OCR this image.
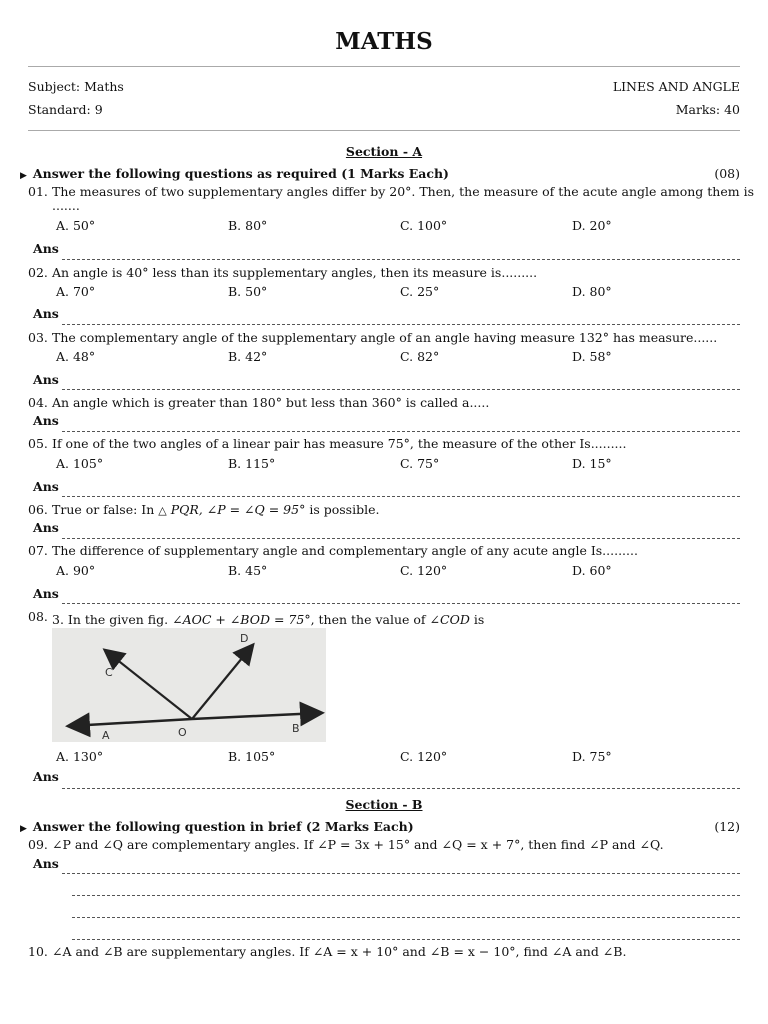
MATHS
Subject: Maths	LINES AND ANGLE
Standard: 9	Marks: 40
Section - A
▶ Answer the following questions as required (1 Marks Each)	(08)
01. The measures of two supplementary angles differ by 20°. Then, the measure of the acute angle among them is
.......
A. 50°	B. 80°	C. 100°	D. 20°
Ans
02. An angle is 40° less than its supplementary angles, then its measure is.........
A. 70°	B. 50°	C. 25°	D. 80°
Ans
03. The complementary angle of the supplementary angle of an angle having measure 132° has measure......
A. 48°	B. 42°	C. 82°	D. 58°
Ans
04. An angle which is greater than 180° but less than 360° is called a.....
Ans
05. If one of the two angles of a linear pair has measure 75°, the measure of the other Is.........
A. 105°	B. 115°	C. 75°	D. 15°
Ans
06. True or false: In △ PQR, ∠P = ∠Q = 95° is possible.
Ans
07. The difference of supplementary angle and complementary angle of any acute angle Is.........
A. 90°	B. 45°	C. 120°	D. 60°
Ans
08. 3. In the given fig. ∠AOC + ∠BOD = 75°, then the value of ∠COD is
A
B
C
D
O
A. 130°	B. 105°	C. 120°	D. 75°
Ans
Section - B
▶ Answer the following question in brief (2 Marks Each)	(12)
09. ∠P and ∠Q are complementary angles. If ∠P = 3x + 15° and ∠Q = x + 7°, then find ∠P and ∠Q.
Ans
10. ∠A and ∠B are supplementary angles. If ∠A = x + 10° and ∠B = x − 10°, find ∠A and ∠B.
